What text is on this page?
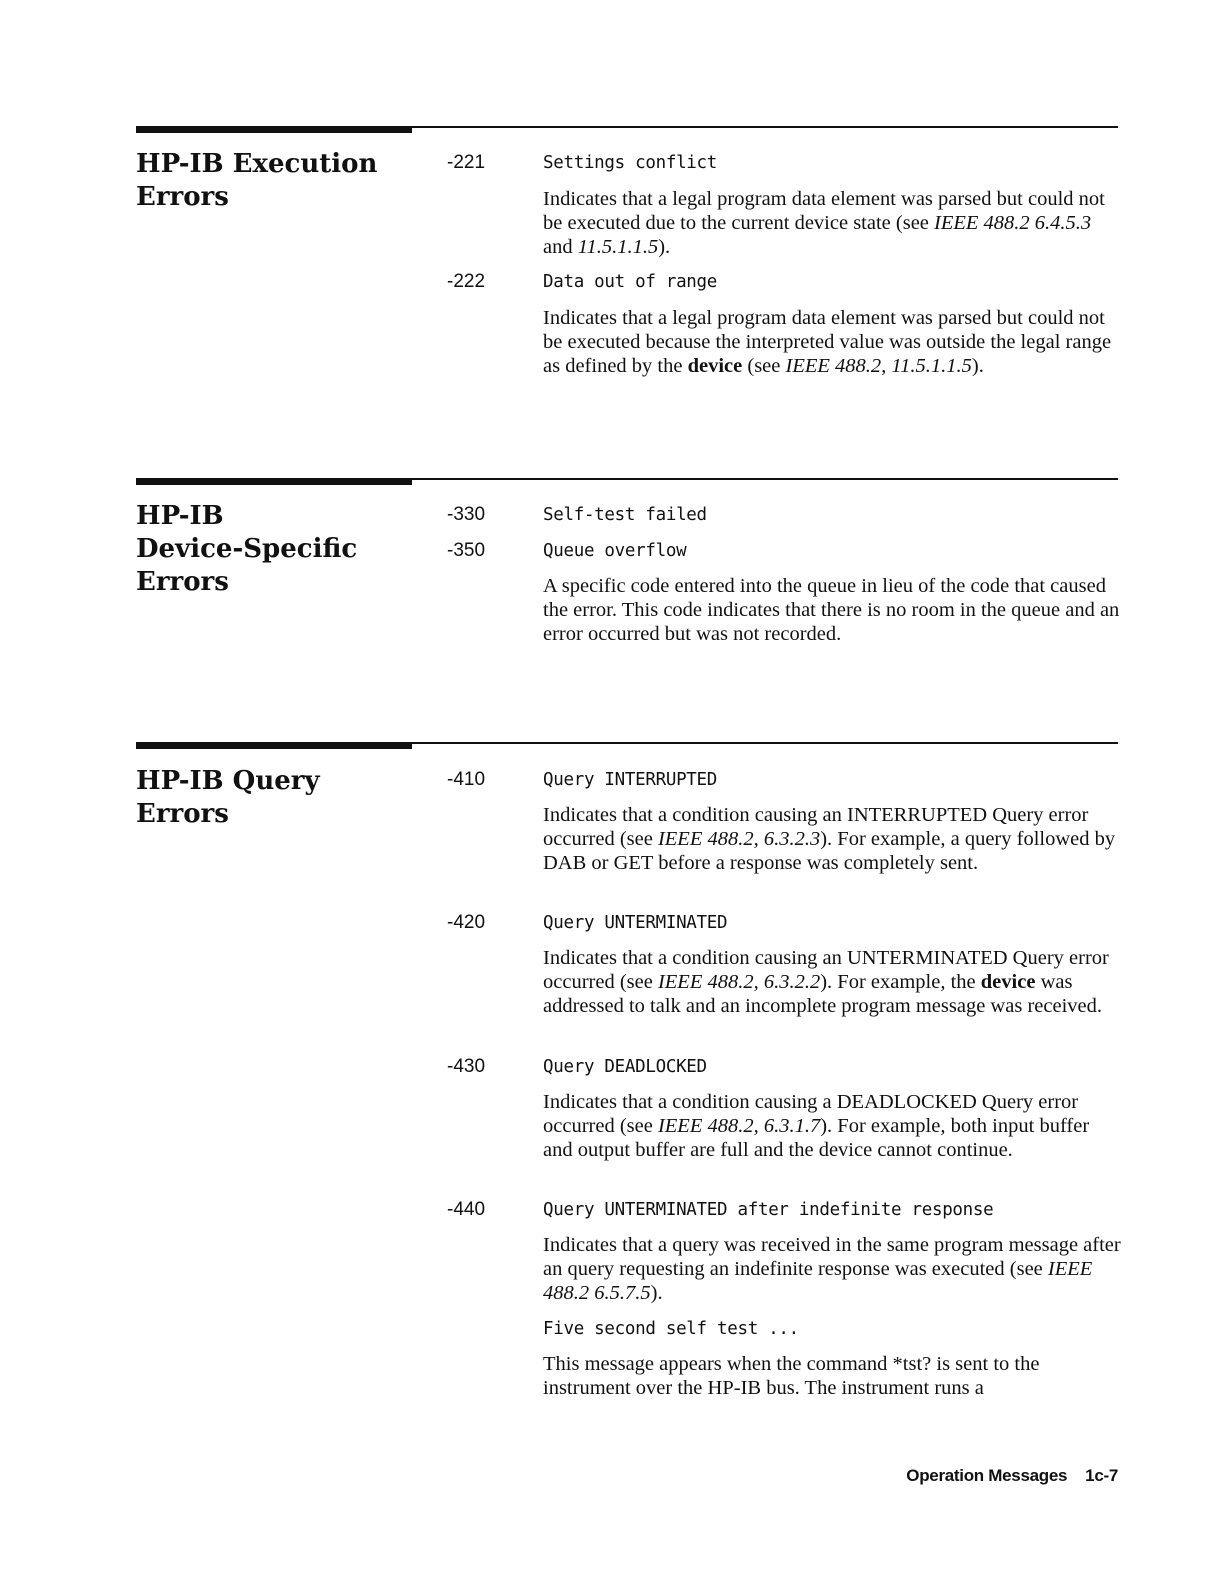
HP-IB Execution
Errors
-221	Settings conflict
Indicates that a legal program data element was parsed but could not be executed due to the current device state (see IEEE 488.2 6.4.5.3 and 11.5.1.1.5).
-222	Data out of range
Indicates that a legal program data element was parsed but could not be executed because the interpreted value was outside the legal range as defined by the device (see IEEE 488.2, 11.5.1.1.5).
HP-IB
Device-Specific
Errors
-330	Self-test failed
-350	Queue overflow
A specific code entered into the queue in lieu of the code that caused the error. This code indicates that there is no room in the queue and an error occurred but was not recorded.
HP-IB Query
Errors
-410	Query INTERRUPTED
Indicates that a condition causing an INTERRUPTED Query error occurred (see IEEE 488.2, 6.3.2.3). For example, a query followed by DAB or GET before a response was completely sent.
-420	Query UNTERMINATED
Indicates that a condition causing an UNTERMINATED Query error occurred (see IEEE 488.2, 6.3.2.2). For example, the device was addressed to talk and an incomplete program message was received.
-430	Query DEADLOCKED
Indicates that a condition causing a DEADLOCKED Query error occurred (see IEEE 488.2, 6.3.1.7). For example, both input buffer and output buffer are full and the device cannot continue.
-440	Query UNTERMINATED after indefinite response
Indicates that a query was received in the same program message after an query requesting an indefinite response was executed (see IEEE 488.2 6.5.7.5).
Five second self test ...
This message appears when the command *tst? is sent to the instrument over the HP-IB bus. The instrument runs a
Operation Messages 1c-7
